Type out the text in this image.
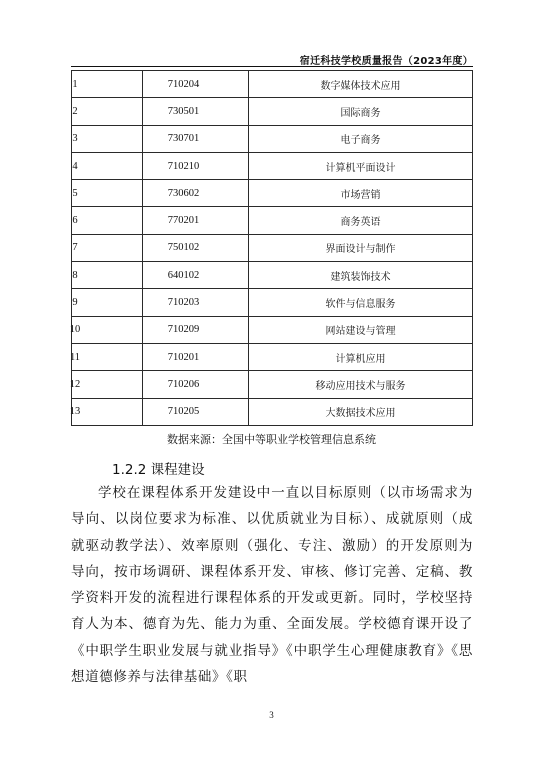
宿迁科技学校质量报告（2023年度）
1	710204	数字媒体技术应用
2	730501	国际商务
3	730701	电子商务
4	710210	计算机平面设计
5	730602	市场营销
6	770201	商务英语
7	750102	界面设计与制作
8	640102	建筑装饰技术
9	710203	软件与信息服务
10	710209	网站建设与管理
11	710201	计算机应用
12	710206	移动应用技术与服务
13	710205	大数据技术应用
数据来源：全国中等职业学校管理信息系统
1.2.2 课程建设
学校在课程体系开发建设中一直以目标原则（以市场需求为导向、以岗位要求为标准、以优质就业为目标）、成就原则（成就驱动教学法）、效率原则（强化、专注、激励）的开发原则为导向，按市场调研、课程体系开发、审核、修订完善、定稿、教学资料开发的流程进行课程体系的开发或更新。同时，学校坚持育人为本、德育为先、能力为重、全面发展。学校德育课开设了《中职学生职业发展与就业指导》《中职学生心理健康教育》《思想道德修养与法律基础》《职
3
